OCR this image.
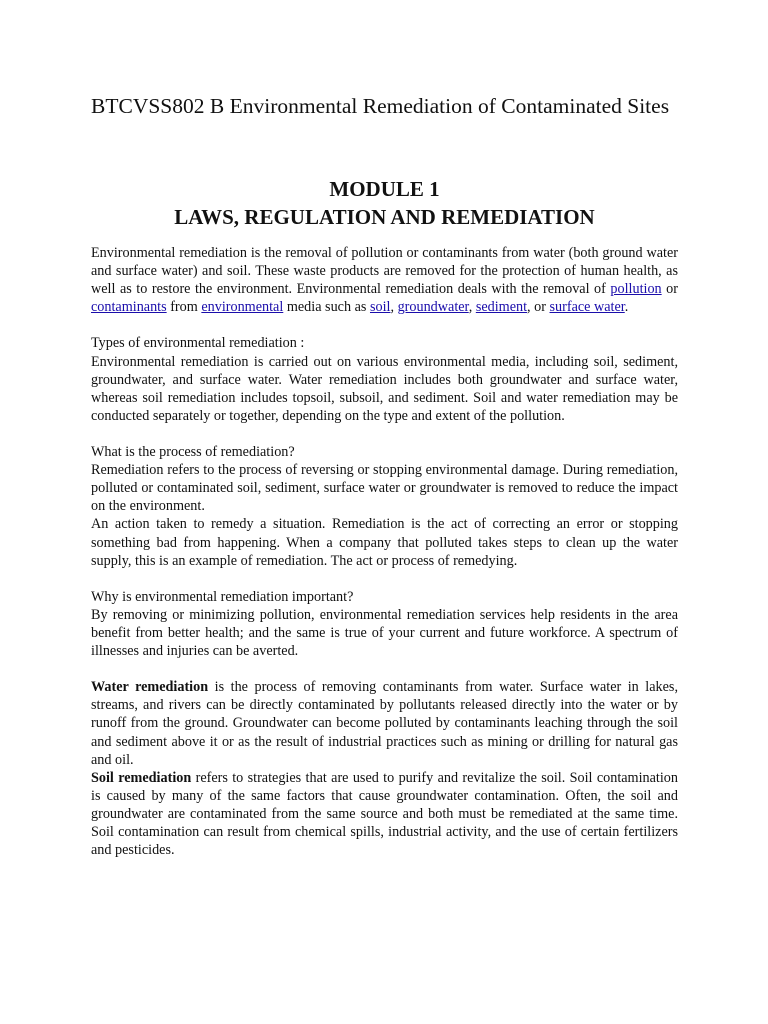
BTCVSS802 B Environmental Remediation of Contaminated Sites
MODULE 1
LAWS, REGULATION AND REMEDIATION

Environmental remediation is the removal of pollution or contaminants from water (both ground water and surface water) and soil. These waste products are removed for the protection of human health, as well as to restore the environment. Environmental remediation deals with the removal of pollution or contaminants from environmental media such as soil, groundwater, sediment, or surface water.

Types of environmental remediation :

Environmental remediation is carried out on various environmental media, including soil, sediment, groundwater, and surface water. Water remediation includes both groundwater and surface water, whereas soil remediation includes topsoil, subsoil, and sediment. Soil and water remediation may be conducted separately or together, depending on the type and extent of the pollution.

What is the process of remediation?

Remediation refers to the process of reversing or stopping environmental damage. During remediation, polluted or contaminated soil, sediment, surface water or groundwater is removed to reduce the impact on the environment.

An action taken to remedy a situation. Remediation is the act of correcting an error or stopping something bad from happening. When a company that polluted takes steps to clean up the water supply, this is an example of remediation. The act or process of remedying.

Why is environmental remediation important?

By removing or minimizing pollution, environmental remediation services help residents in the area benefit from better health; and the same is true of your current and future workforce. A spectrum of illnesses and injuries can be averted.

Water remediation is the process of removing contaminants from water. Surface water in lakes, streams, and rivers can be directly contaminated by pollutants released directly into the water or by runoff from the ground. Groundwater can become polluted by contaminants leaching through the soil and sediment above it or as the result of industrial practices such as mining or drilling for natural gas and oil.

Soil remediation refers to strategies that are used to purify and revitalize the soil. Soil contamination is caused by many of the same factors that cause groundwater contamination. Often, the soil and groundwater are contaminated from the same source and both must be remediated at the same time. Soil contamination can result from chemical spills, industrial activity, and the use of certain fertilizers and pesticides.
